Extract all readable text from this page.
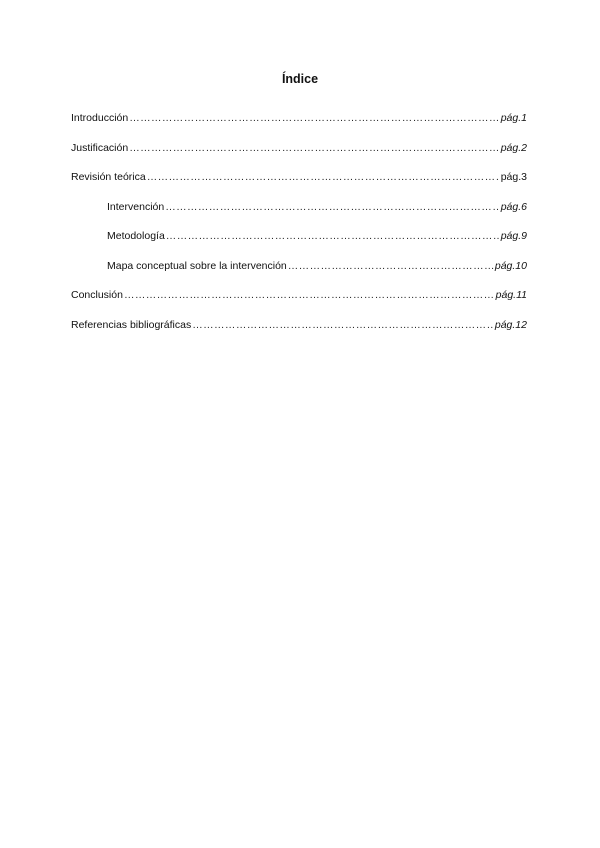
Índice
Introducción ……………………………………………………………………………………………………………………………………………………………………………………………………………………	pág.1
Justificación ……………………………………………………………………………………………………………………………………………………………………………………………………………………	pág.2
Revisión teórica ……………………………………………………………………………………………………………………………………………………………………………………………………………………	pág.3
Intervención ……………………………………………………………………………………………………………………………………………………………………………………………………………………	pág.6
Metodología ……………………………………………………………………………………………………………………………………………………………………………………………………………………	pág.9
Mapa conceptual sobre la intervención ……………………………………………………………………………………………………………………………………………………………………………………………………………………	pág.10
Conclusión ……………………………………………………………………………………………………………………………………………………………………………………………………………………	pág.11
Referencias bibliográficas ……………………………………………………………………………………………………………………………………………………………………………………………………………………	pág.12
